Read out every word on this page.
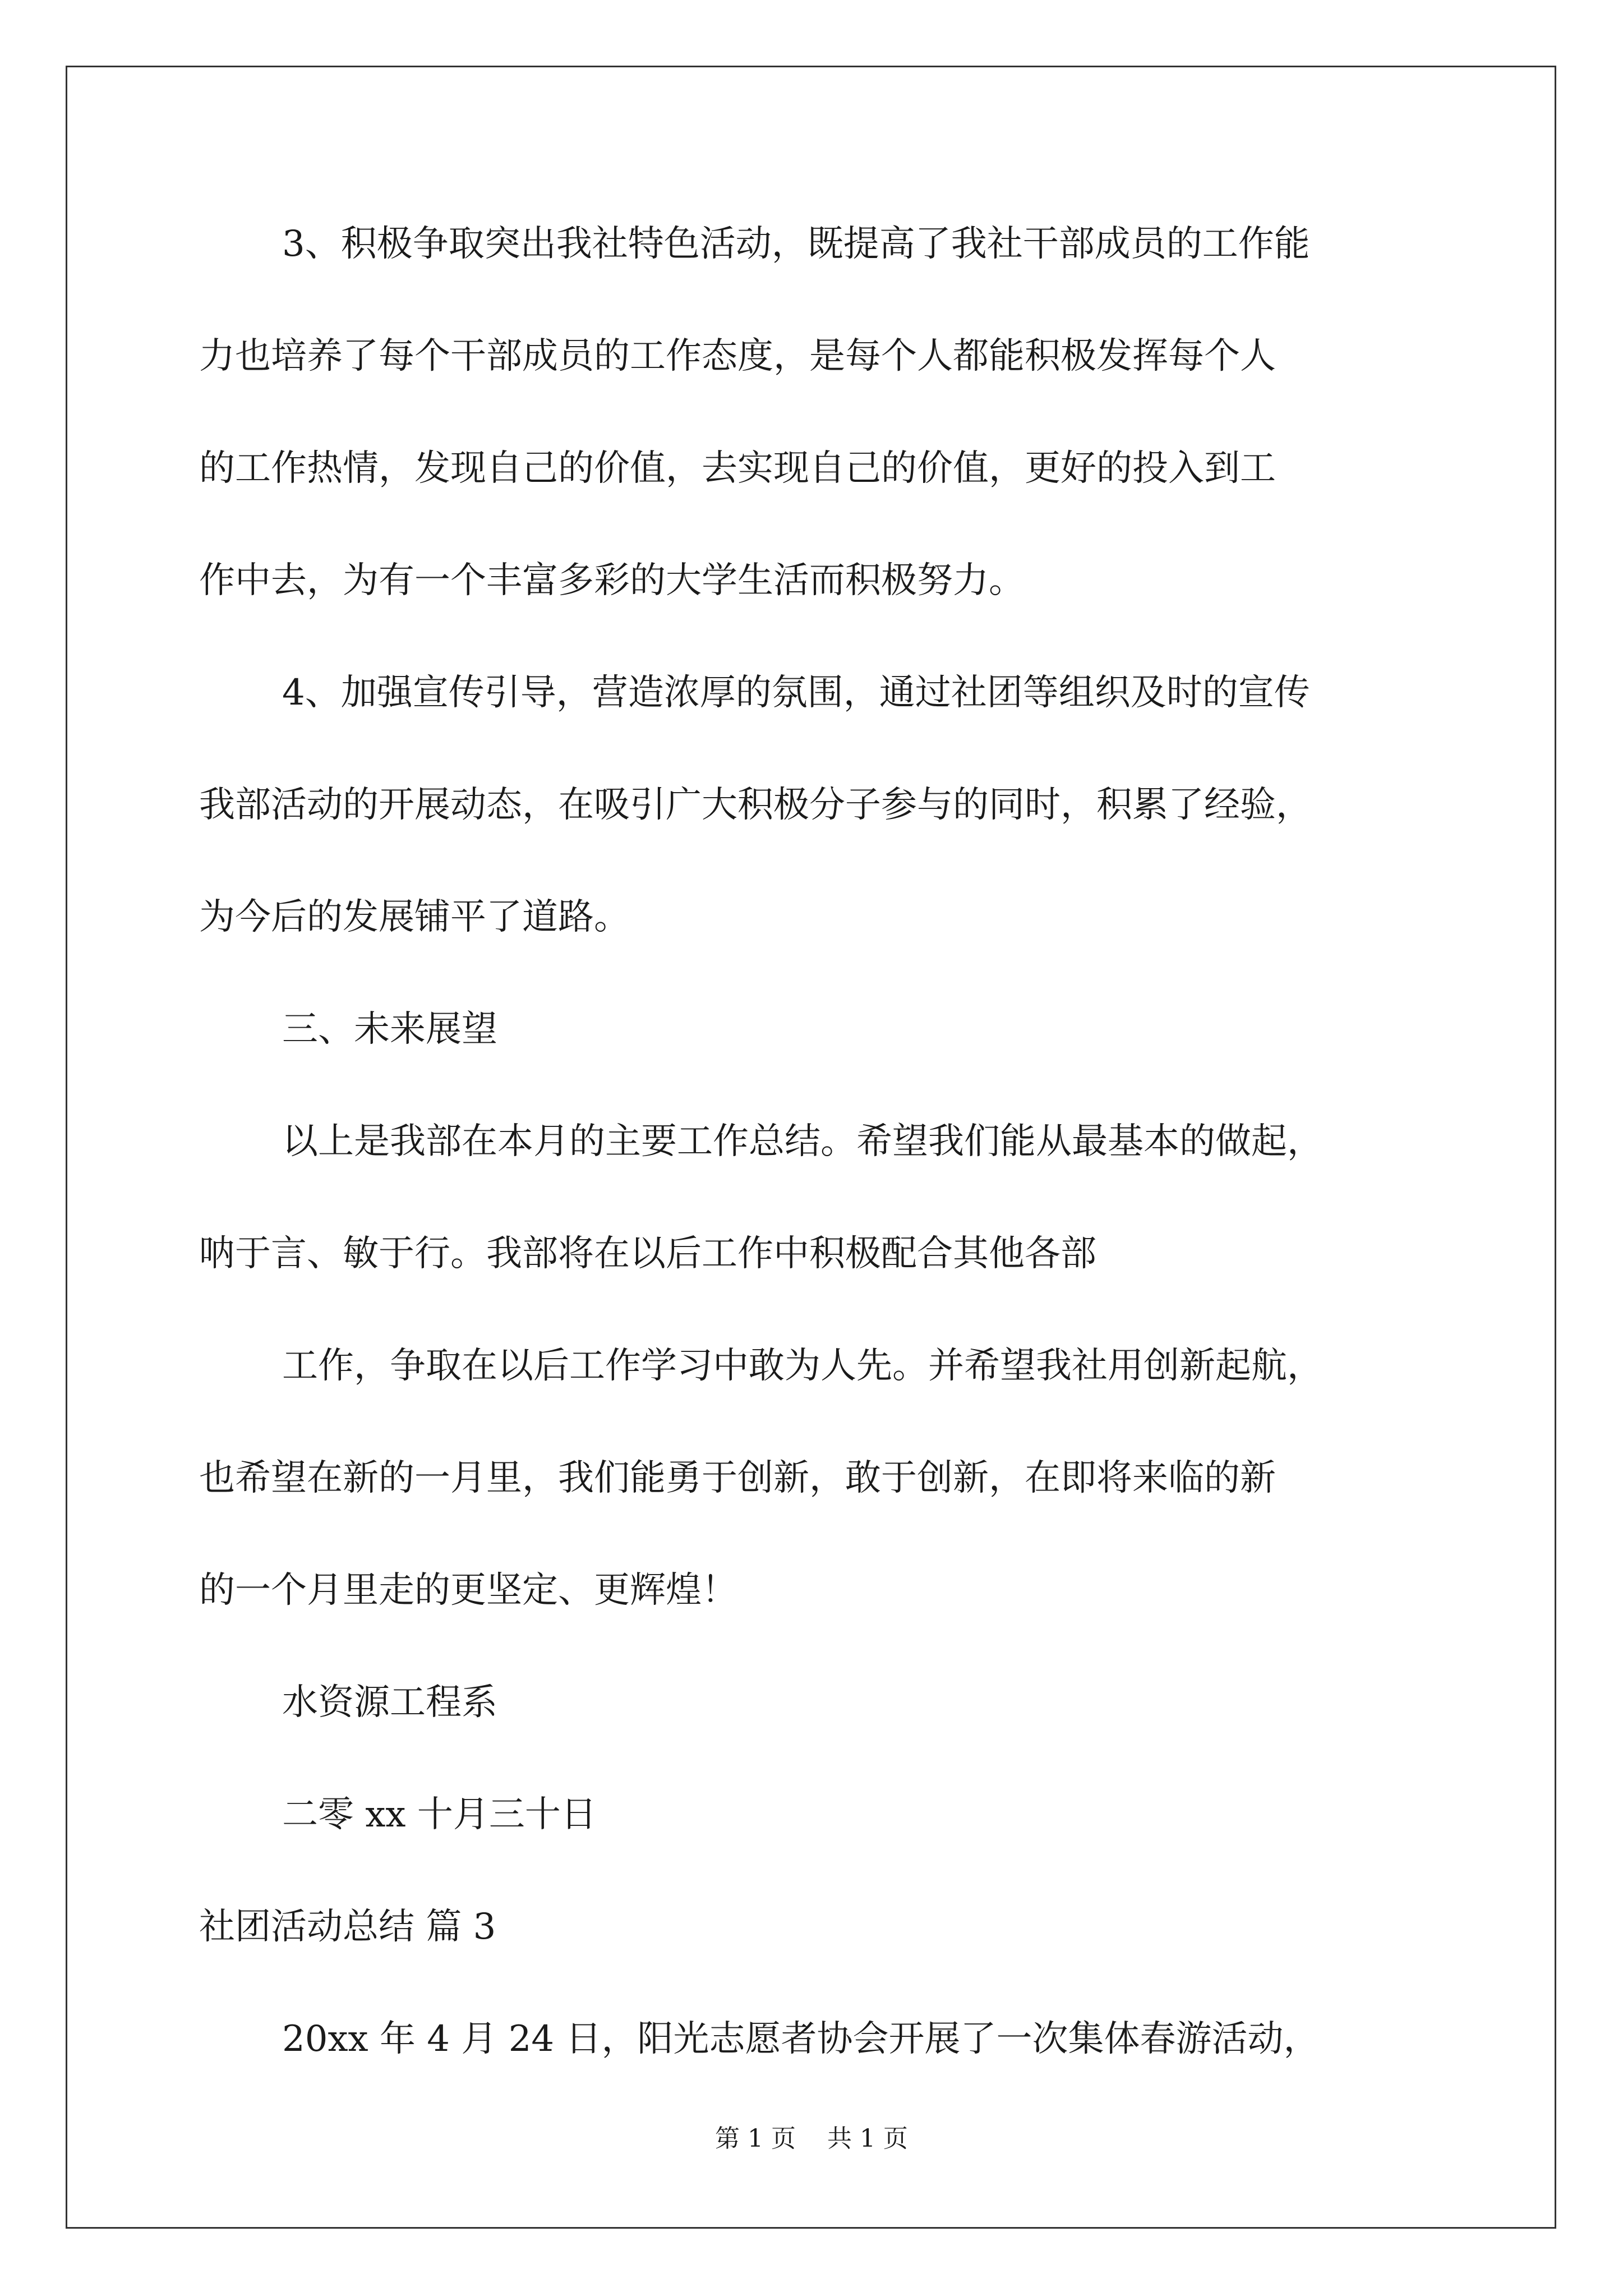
3、积极争取突出我社特色活动，既提高了我社干部成员的工作能
力也培养了每个干部成员的工作态度，是每个人都能积极发挥每个人
的工作热情，发现自己的价值，去实现自己的价值，更好的投入到工
作中去，为有一个丰富多彩的大学生活而积极努力。
4、加强宣传引导，营造浓厚的氛围，通过社团等组织及时的宣传
我部活动的开展动态，在吸引广大积极分子参与的同时，积累了经验，
为今后的发展铺平了道路。
三、未来展望
以上是我部在本月的主要工作总结。希望我们能从最基本的做起，
呐于言、敏于行。我部将在以后工作中积极配合其他各部
工作，争取在以后工作学习中敢为人先。并希望我社用创新起航，
也希望在新的一月里，我们能勇于创新，敢于创新，在即将来临的新
的一个月里走的更坚定、更辉煌！
水资源工程系
二零 xx 十月三十日
社团活动总结 篇 3
20xx 年 4 月 24 日，阳光志愿者协会开展了一次集体春游活动，
第 1 页    共 1 页
